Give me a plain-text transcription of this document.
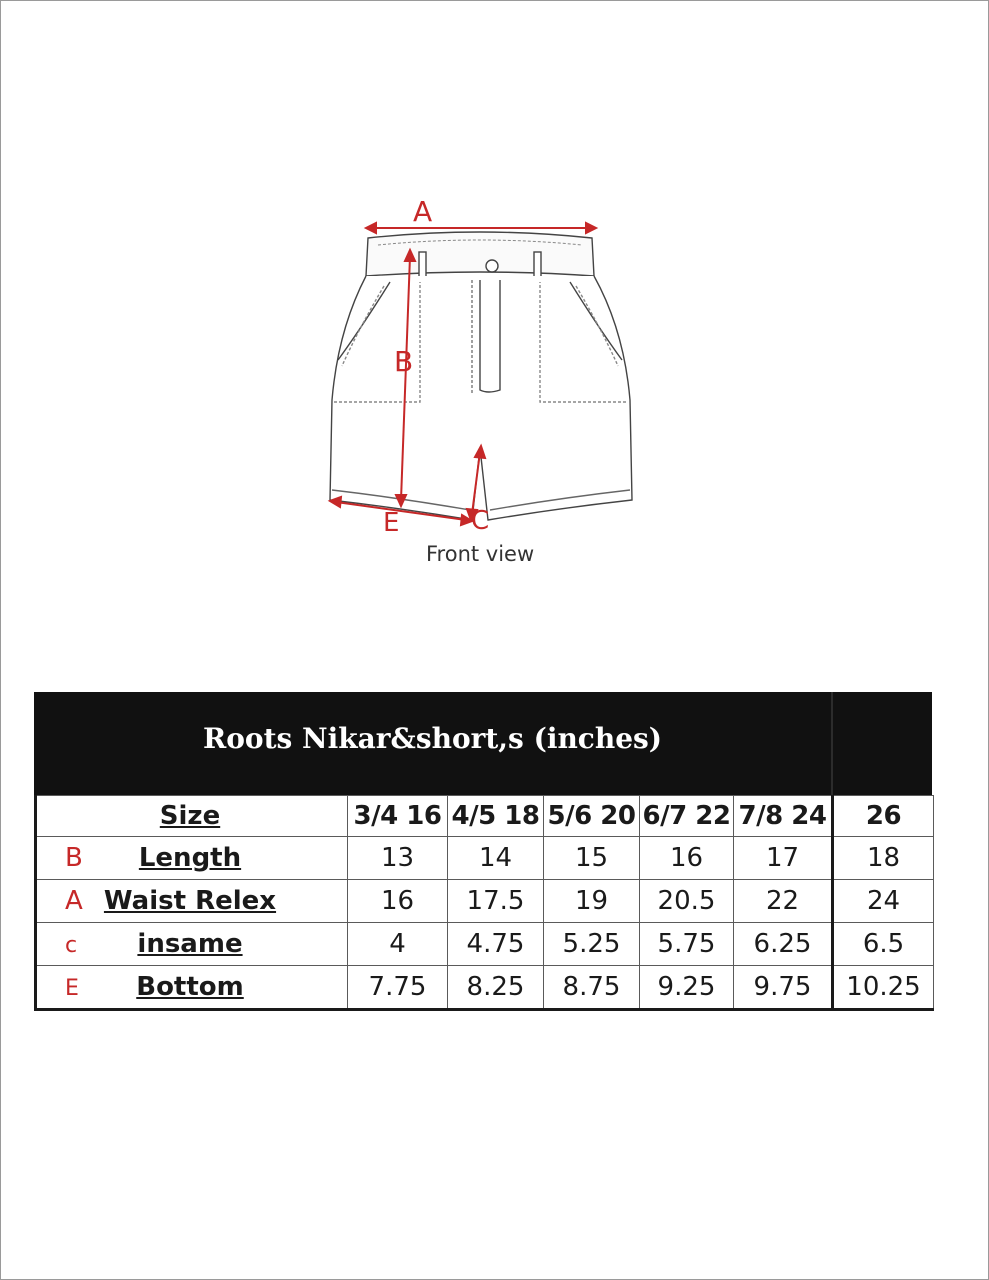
A
B
C
E
Front view
Roots Nikar&short,s (inches)
Size	3/4 16	4/5 18	5/6 20	6/7 22	7/8 24	26
B Length	13	14	15	16	17	18
A Waist Relex	16	17.5	19	20.5	22	24
c insame	4	4.75	5.25	5.75	6.25	6.5
E Bottom	7.75	8.25	8.75	9.25	9.75	10.25
